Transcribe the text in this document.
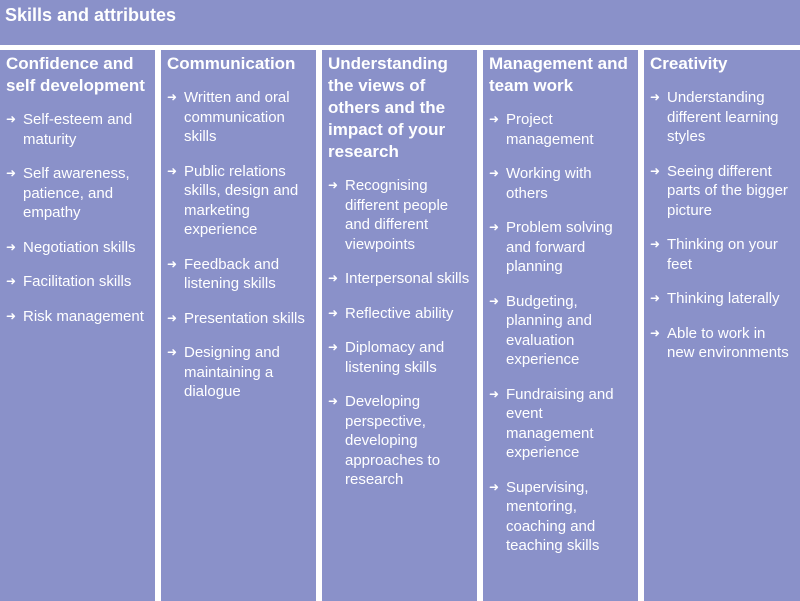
Skills and attributes
Confidence and self development
➜ Self-esteem and maturity
➜ Self awareness, patience, and empathy
➜ Negotiation skills
➜ Facilitation skills
➜ Risk management
Communication
➜ Written and oral communication skills
➜ Public relations skills, design and marketing experience
➜ Feedback and listening skills
➜ Presentation skills
➜ Designing and maintaining a dialogue
Understanding the views of others and the impact of your research
➜ Recognising different people and different viewpoints
➜ Interpersonal skills
➜ Reflective ability
➜ Diplomacy and listening skills
➜ Developing perspective, developing approaches to research
Management and team work
➜ Project management
➜ Working with others
➜ Problem solving and forward planning
➜ Budgeting, planning and evaluation experience
➜ Fundraising and event management experience
➜ Supervising, mentoring, coaching and teaching skills
Creativity
➜ Understanding different learning styles
➜ Seeing different parts of the bigger picture
➜ Thinking on your feet
➜ Thinking laterally
➜ Able to work in new environments
